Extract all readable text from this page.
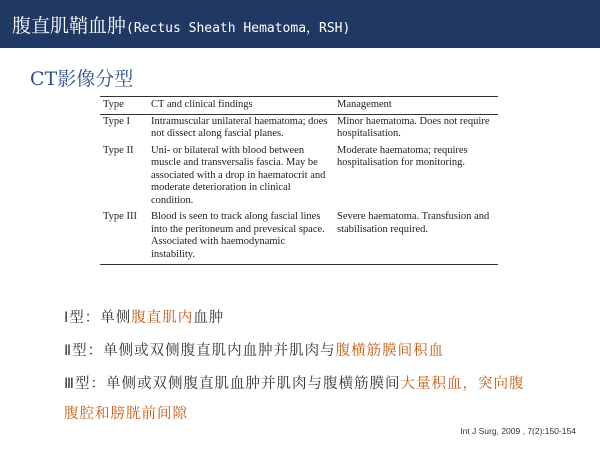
腹直肌鞘血肿(Rectus Sheath Hematoma，RSH)
CT影像分型
Type	CT and clinical findings	Management
Type I	Intramuscular unilateral haematoma; does not dissect along fascial planes.	Minor haematoma. Does not require hospitalisation.
Type II	Uni- or bilateral with blood between muscle and transversalis fascia. May be associated with a drop in haematocrit and moderate deterioration in clinical condition.	Moderate haematoma; requires hospitalisation for monitoring.
Type III	Blood is seen to track along fascial lines into the peritoneum and prevesical space. Associated with haemodynamic instability.	Severe haematoma. Transfusion and stabilisation required.
Ⅰ型：单侧腹直肌内血肿
Ⅱ型：单侧或双侧腹直肌内血肿并肌肉与腹横筋膜间积血
Ⅲ型：单侧或双侧腹直肌血肿并肌肉与腹横筋膜间大量积血，突向腹
腹腔和膀胱前间隙
Int J Surg, 2009 , 7(2):150-154
